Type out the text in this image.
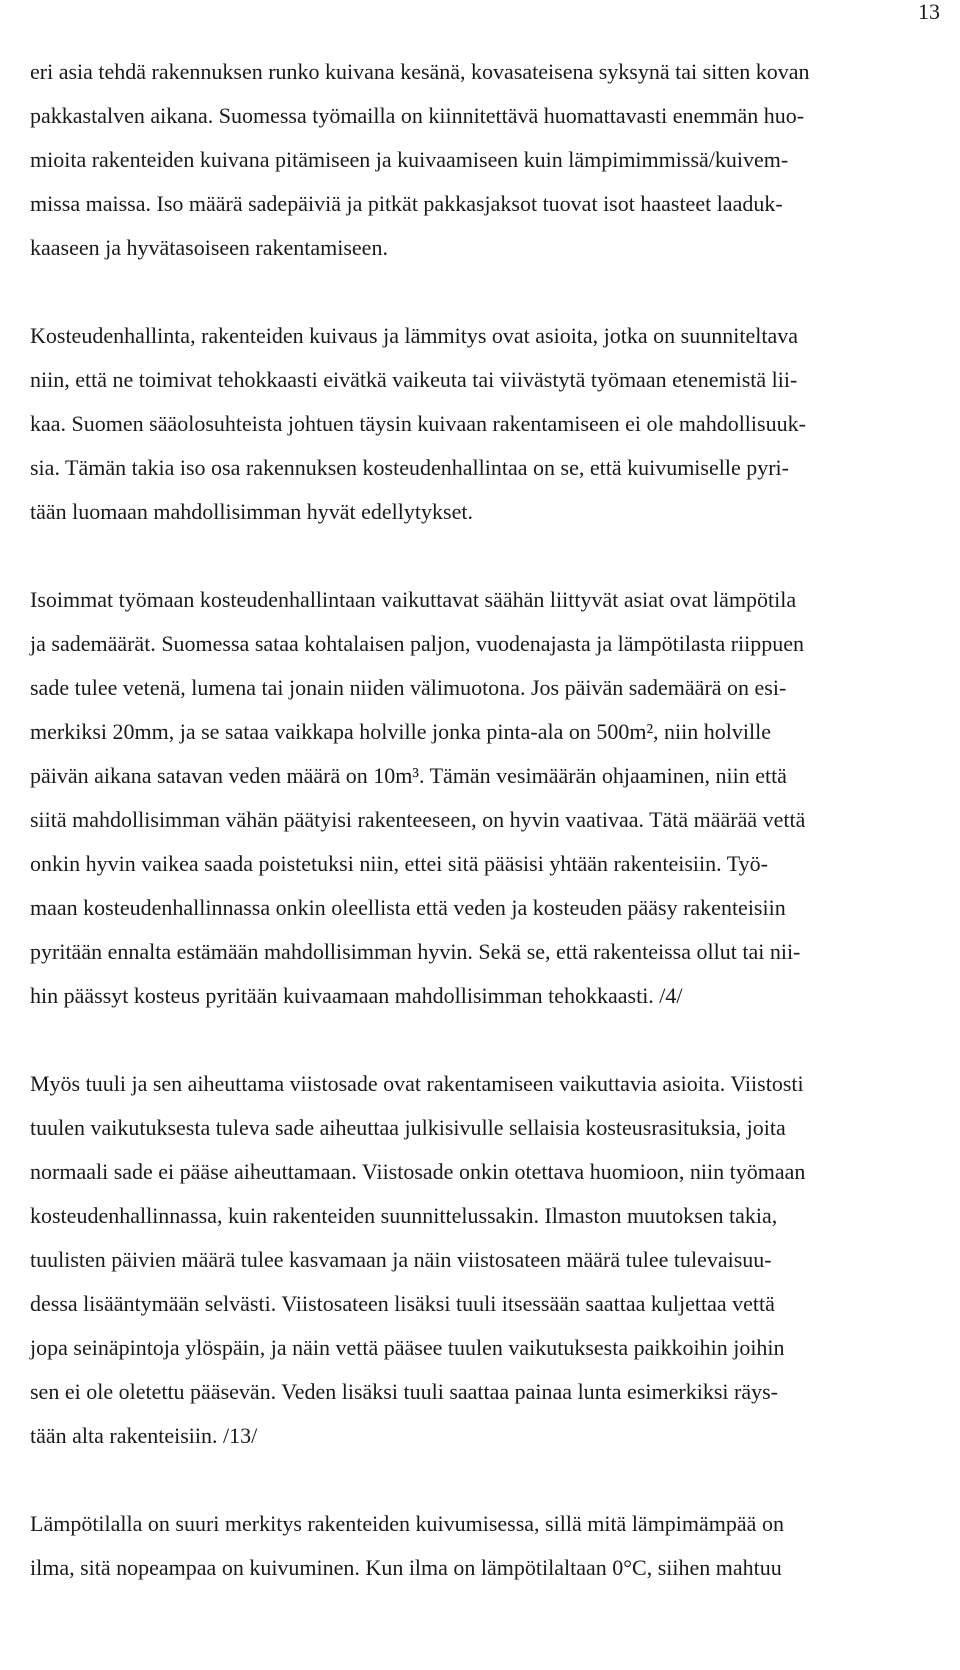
13
eri asia tehdä rakennuksen runko kuivana kesänä, kovasateisena syksynä tai sitten kovan
pakkastalven aikana. Suomessa työmailla on kiinnitettävä huomattavasti enemmän huo-
mioita rakenteiden kuivana pitämiseen ja kuivaamiseen kuin lämpimimmissä/kuivem-
missa maissa. Iso määrä sadepäiviä ja pitkät pakkasjaksot tuovat isot haasteet laaduk-
kaaseen ja hyvätasoiseen rakentamiseen.
Kosteudenhallinta, rakenteiden kuivaus ja lämmitys ovat asioita, jotka on suunniteltava
niin, että ne toimivat tehokkaasti eivätkä vaikeuta tai viivästytä työmaan etenemistä lii-
kaa. Suomen sääolosuhteista johtuen täysin kuivaan rakentamiseen ei ole mahdollisuuk-
sia. Tämän takia iso osa rakennuksen kosteudenhallintaa on se, että kuivumiselle pyri-
tään luomaan mahdollisimman hyvät edellytykset.
Isoimmat työmaan kosteudenhallintaan vaikuttavat säähän liittyvät asiat ovat lämpötila
ja sademäärät. Suomessa sataa kohtalaisen paljon, vuodenajasta ja lämpötilasta riippuen
sade tulee vetenä, lumena tai jonain niiden välimuotona. Jos päivän sademäärä on esi-
merkiksi 20mm, ja se sataa vaikkapa holville jonka pinta-ala on 500m², niin holville
päivän aikana satavan veden määrä on 10m³. Tämän vesimäärän ohjaaminen, niin että
siitä mahdollisimman vähän päätyisi rakenteeseen, on hyvin vaativaa. Tätä määrää vettä
onkin hyvin vaikea saada poistetuksi niin, ettei sitä pääsisi yhtään rakenteisiin. Työ-
maan kosteudenhallinnassa onkin oleellista että veden ja kosteuden pääsy rakenteisiin
pyritään ennalta estämään mahdollisimman hyvin. Sekä se, että rakenteissa ollut tai nii-
hin päässyt kosteus pyritään kuivaamaan mahdollisimman tehokkaasti. /4/
Myös tuuli ja sen aiheuttama viistosade ovat rakentamiseen vaikuttavia asioita. Viistosti
tuulen vaikutuksesta tuleva sade aiheuttaa julkisivulle sellaisia kosteusrasituksia, joita
normaali sade ei pääse aiheuttamaan. Viistosade onkin otettava huomioon, niin työmaan
kosteudenhallinnassa, kuin rakenteiden suunnittelussakin. Ilmaston muutoksen takia,
tuulisten päivien määrä tulee kasvamaan ja näin viistosateen määrä tulee tulevaisuu-
dessa lisääntymään selvästi. Viistosateen lisäksi tuuli itsessään saattaa kuljettaa vettä
jopa seinäpintoja ylöspäin, ja näin vettä pääsee tuulen vaikutuksesta paikkoihin joihin
sen ei ole oletettu pääsevän. Veden lisäksi tuuli saattaa painaa lunta esimerkiksi räys-
tään alta rakenteisiin. /13/
Lämpötilalla on suuri merkitys rakenteiden kuivumisessa, sillä mitä lämpimämpää on
ilma, sitä nopeampaa on kuivuminen. Kun ilma on lämpötilaltaan 0°C, siihen mahtuu
